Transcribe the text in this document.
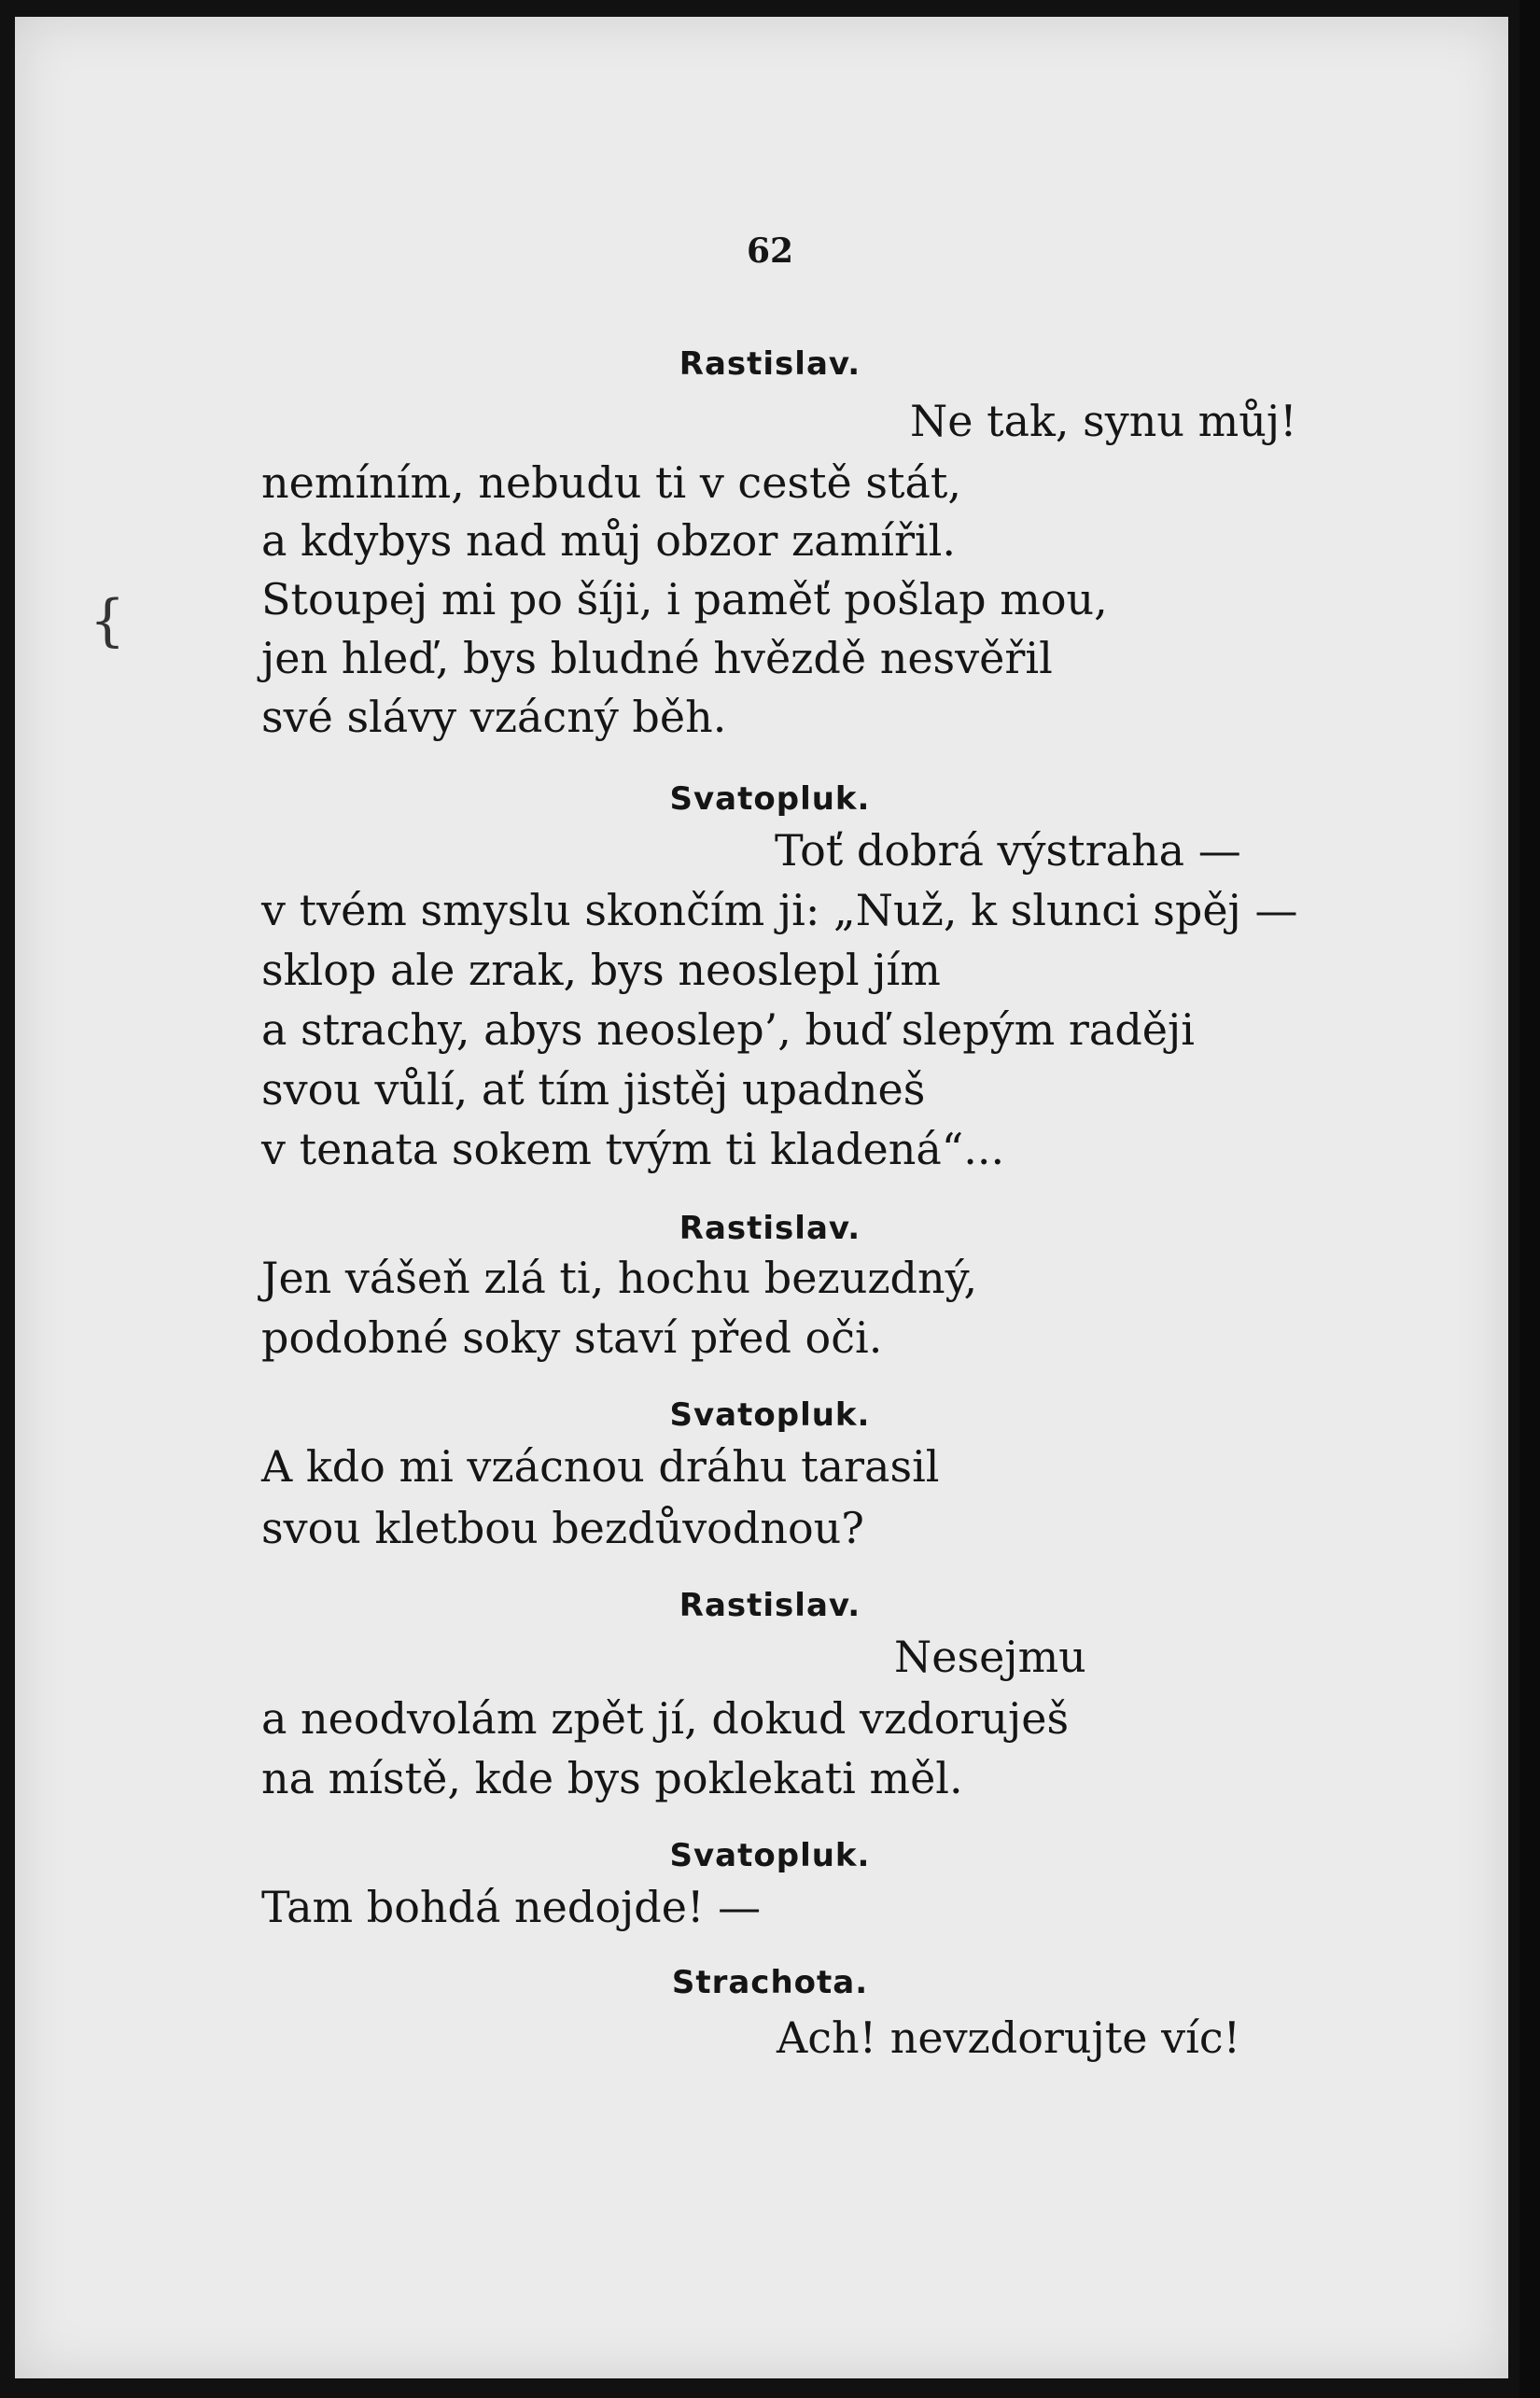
{
62
Rastislav.
Ne tak, synu můj!
nemíním, nebudu ti v cestě stát,
a kdybys nad můj obzor zamířil.
Stoupej mi po šíji, i paměť pošlap mou,
jen hleď, bys bludné hvězdě nesvěřil
své slávy vzácný běh.
Svatopluk.
Toť dobrá výstraha —
v tvém smyslu skončím ji: „Nuž, k slunci spěj —
sklop ale zrak, bys neoslepl jím
a strachy, abys neoslep’, buď slepým raději
svou vůlí, ať tím jistěj upadneš
v tenata sokem tvým ti kladená“...
Rastislav.
Jen vášeň zlá ti, hochu bezuzdný,
podobné soky staví před oči.
Svatopluk.
A kdo mi vzácnou dráhu tarasil
svou kletbou bezdůvodnou?
Rastislav.
Nesejmu
a neodvolám zpět jí, dokud vzdoruješ
na místě, kde bys poklekati měl.
Svatopluk.
Tam bohdá nedojde! —
Strachota.
Ach! nevzdorujte víc!
